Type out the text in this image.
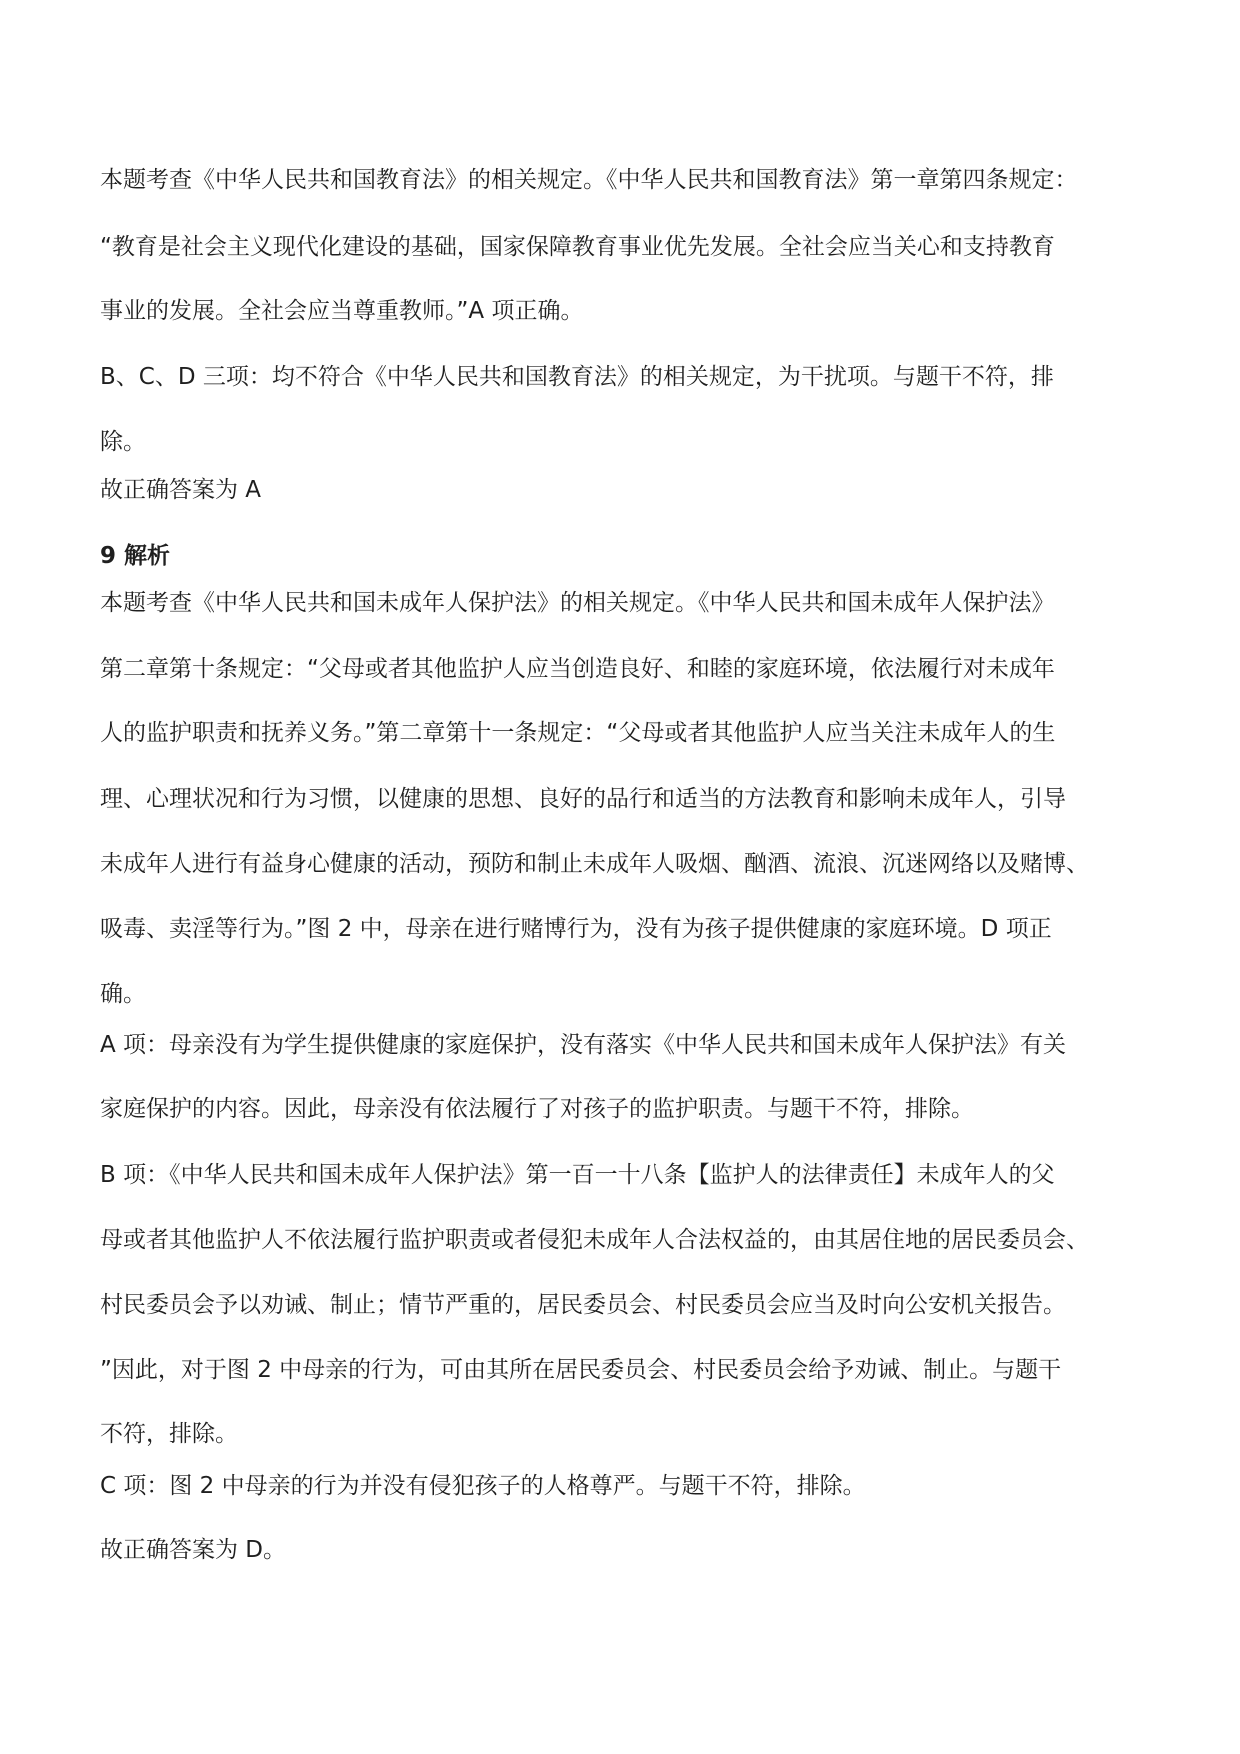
本题考查《中华人民共和国教育法》的相关规定。《中华人民共和国教育法》第一章第四条规定：
“教育是社会主义现代化建设的基础，国家保障教育事业优先发展。全社会应当关心和支持教育
事业的发展。全社会应当尊重教师。”A 项正确。
B、C、D 三项：均不符合《中华人民共和国教育法》的相关规定，为干扰项。与题干不符，排
除。
故正确答案为 A
9 解析
本题考查《中华人民共和国未成年人保护法》的相关规定。《中华人民共和国未成年人保护法》
第二章第十条规定：“父母或者其他监护人应当创造良好、和睦的家庭环境，依法履行对未成年
人的监护职责和抚养义务。”第二章第十一条规定：“父母或者其他监护人应当关注未成年人的生
理、心理状况和行为习惯，以健康的思想、良好的品行和适当的方法教育和影响未成年人，引导
未成年人进行有益身心健康的活动，预防和制止未成年人吸烟、酗酒、流浪、沉迷网络以及赌博、
吸毒、卖淫等行为。”图 2 中，母亲在进行赌博行为，没有为孩子提供健康的家庭环境。D 项正
确。
A 项：母亲没有为学生提供健康的家庭保护，没有落实《中华人民共和国未成年人保护法》有关
家庭保护的内容。因此，母亲没有依法履行了对孩子的监护职责。与题干不符，排除。
B 项：《中华人民共和国未成年人保护法》第一百一十八条【监护人的法律责任】未成年人的父
母或者其他监护人不依法履行监护职责或者侵犯未成年人合法权益的，由其居住地的居民委员会、
村民委员会予以劝诫、制止；情节严重的，居民委员会、村民委员会应当及时向公安机关报告。
”因此，对于图 2 中母亲的行为，可由其所在居民委员会、村民委员会给予劝诫、制止。与题干
不符，排除。
C 项：图 2 中母亲的行为并没有侵犯孩子的人格尊严。与题干不符，排除。
故正确答案为 D。
